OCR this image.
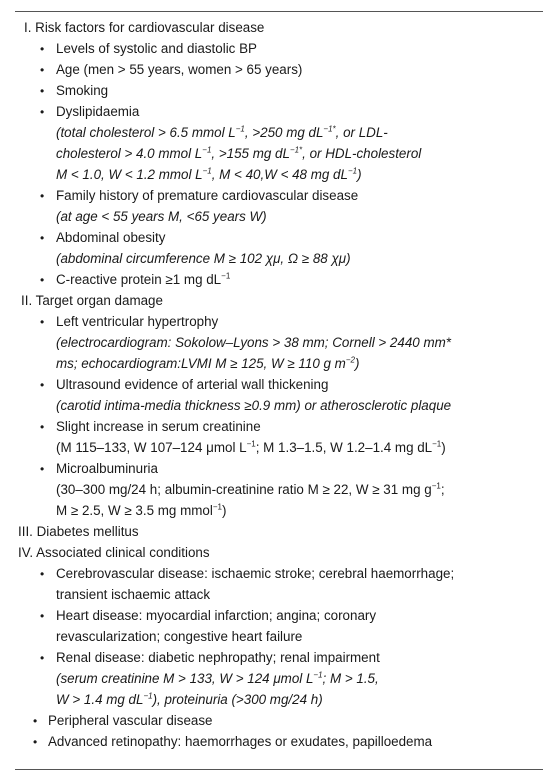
I. Risk factors for cardiovascular disease
• Levels of systolic and diastolic BP
• Age (men > 55 years, women > 65 years)
• Smoking
• Dyslipidaemia
(total cholesterol > 6.5 mmol $L^{-1}$, >250 mg $dL^{-1*}$, or LDL-
cholesterol > 4.0 mmol $L^{-1}$, >155 mg $dL^{-1*}$, or HDL-cholesterol
M < 1.0, W < 1.2 mmol $L^{-1}$, M < 40,W < 48 mg $dL^{-1}$)
• Family history of premature cardiovascular disease
(at age < 55 years M, <65 years W)
• Abdominal obesity
(abdominal circumference M ≥ 102 χμ, Ω ≥ 88 χμ)
• C-reactive protein ≥1 mg $dL^{-1}$
II. Target organ damage
• Left ventricular hypertrophy
(electrocardiogram: Sokolow–Lyons > 38 mm; Cornell > 2440 mm*
ms; echocardiogram:LVMI M ≥ 125, W ≥ 110 g $m^{-2}$)
• Ultrasound evidence of arterial wall thickening
(carotid intima-media thickness ≥0.9 mm) or atherosclerotic plaque
• Slight increase in serum creatinine
(M 115–133, W 107–124 μmol $L^{-1}$; M 1.3–1.5, W 1.2–1.4 mg $dL^{-1}$)
• Microalbuminuria
(30–300 mg/24 h; albumin-creatinine ratio M ≥ 22, W ≥ 31 mg $g^{-1}$;
M ≥ 2.5, W ≥ 3.5 mg mmol$^{-1}$)
III. Diabetes mellitus
IV. Associated clinical conditions
• Cerebrovascular disease: ischaemic stroke; cerebral haemorrhage;
transient ischaemic attack
• Heart disease: myocardial infarction; angina; coronary
revascularization; congestive heart failure
• Renal disease: diabetic nephropathy; renal impairment
(serum creatinine M > 133, W > 124 μmol $L^{-1}$; M > 1.5,
W > 1.4 mg $dL^{-1}$), proteinuria (>300 mg/24 h)
• Peripheral vascular disease
• Advanced retinopathy: haemorrhages or exudates, papilloedema
